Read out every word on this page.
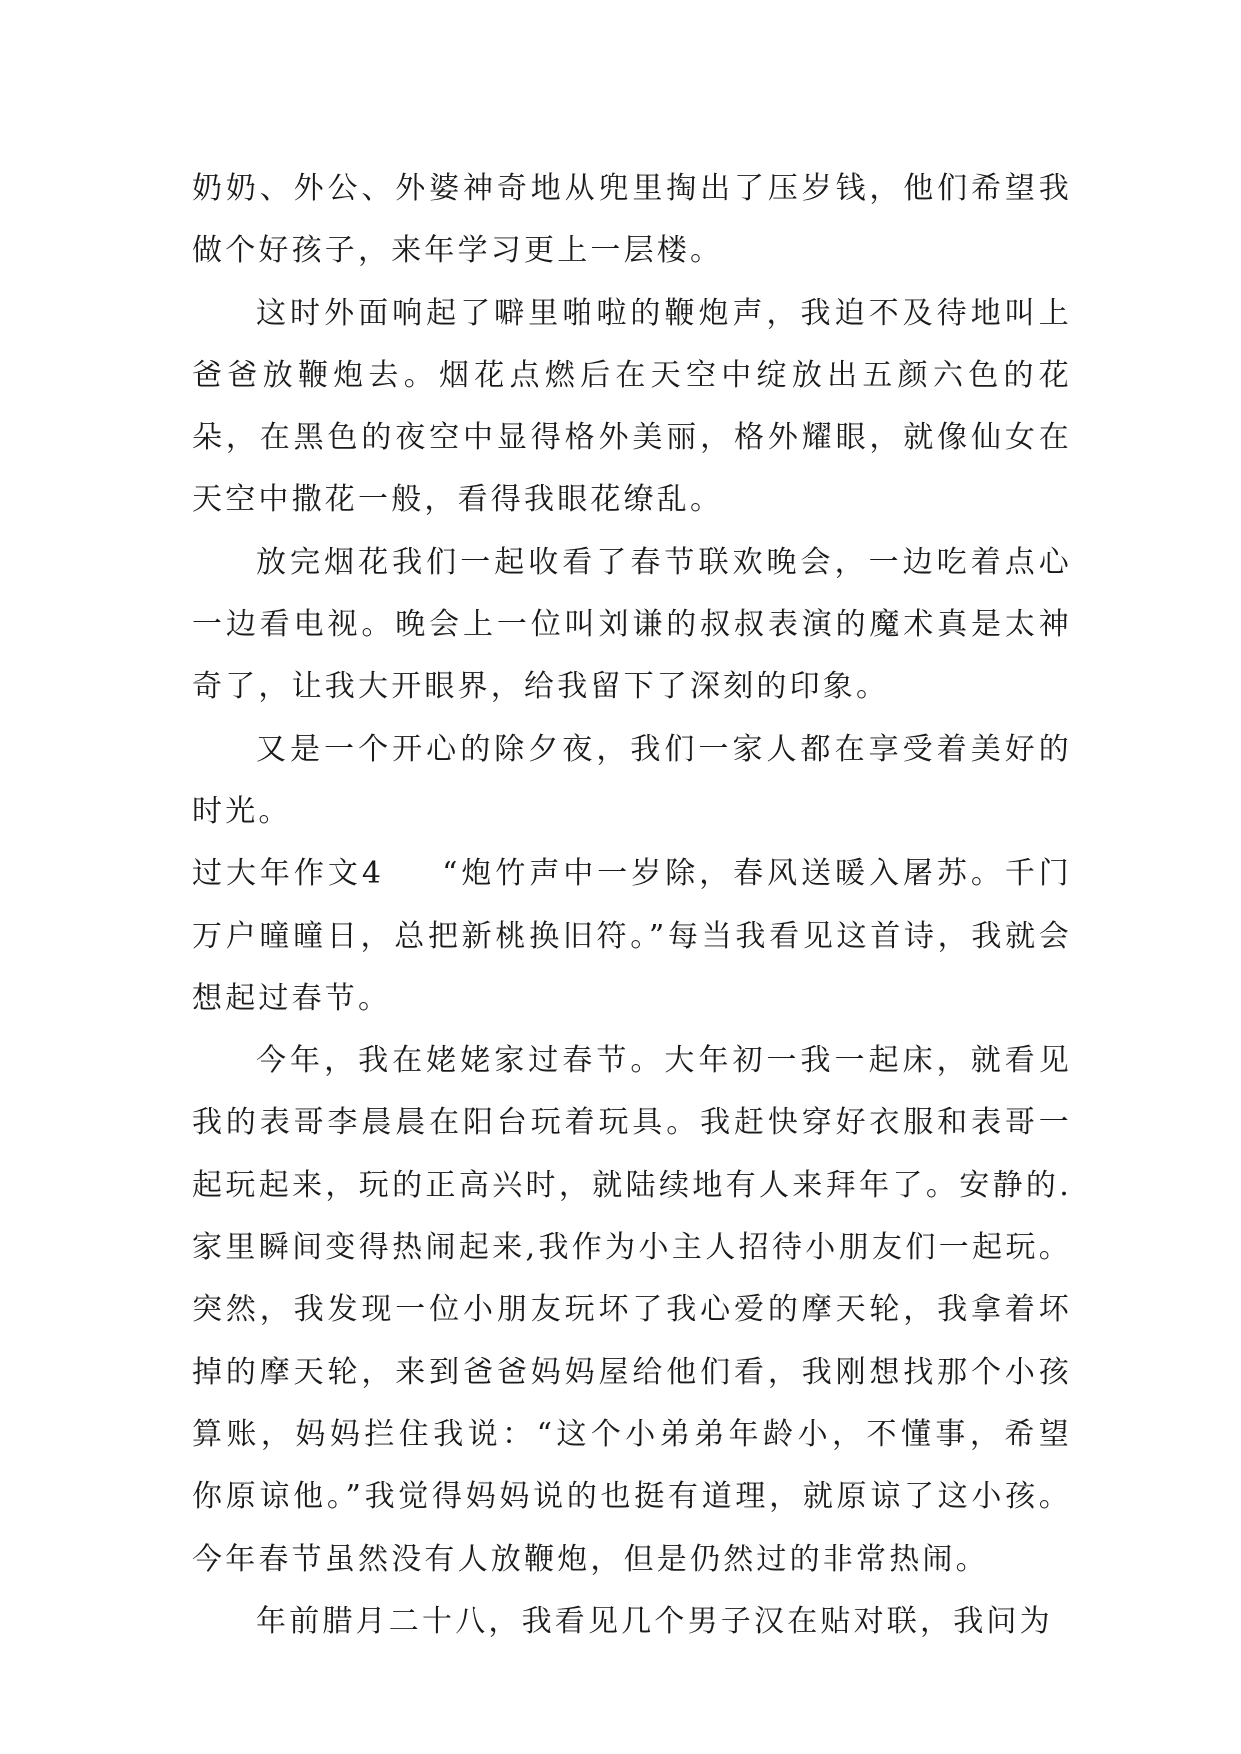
奶奶、外公、外婆神奇地从兜里掏出了压岁钱，他们希望我做个好孩子，来年学习更上一层楼。

这时外面响起了噼里啪啦的鞭炮声，我迫不及待地叫上爸爸放鞭炮去。烟花点燃后在天空中绽放出五颜六色的花朵，在黑色的夜空中显得格外美丽，格外耀眼，就像仙女在天空中撒花一般，看得我眼花缭乱。

放完烟花我们一起收看了春节联欢晚会，一边吃着点心一边看电视。晚会上一位叫刘谦的叔叔表演的魔术真是太神奇了，让我大开眼界，给我留下了深刻的印象。

又是一个开心的除夕夜，我们一家人都在享受着美好的时光。

过大年作文4 “炮竹声中一岁除，春风送暖入屠苏。千门万户曈曈日，总把新桃换旧符。”每当我看见这首诗，我就会想起过春节。

今年，我在姥姥家过春节。大年初一我一起床，就看见我的表哥李晨晨在阳台玩着玩具。我赶快穿好衣服和表哥一起玩起来，玩的正高兴时，就陆续地有人来拜年了。安静的.家里瞬间变得热闹起来,我作为小主人招待小朋友们一起玩。突然，我发现一位小朋友玩坏了我心爱的摩天轮，我拿着坏掉的摩天轮，来到爸爸妈妈屋给他们看，我刚想找那个小孩算账，妈妈拦住我说：“这个小弟弟年龄小，不懂事，希望你原谅他。”我觉得妈妈说的也挺有道理，就原谅了这小孩。今年春节虽然没有人放鞭炮，但是仍然过的非常热闹。

年前腊月二十八，我看见几个男子汉在贴对联，我问为
